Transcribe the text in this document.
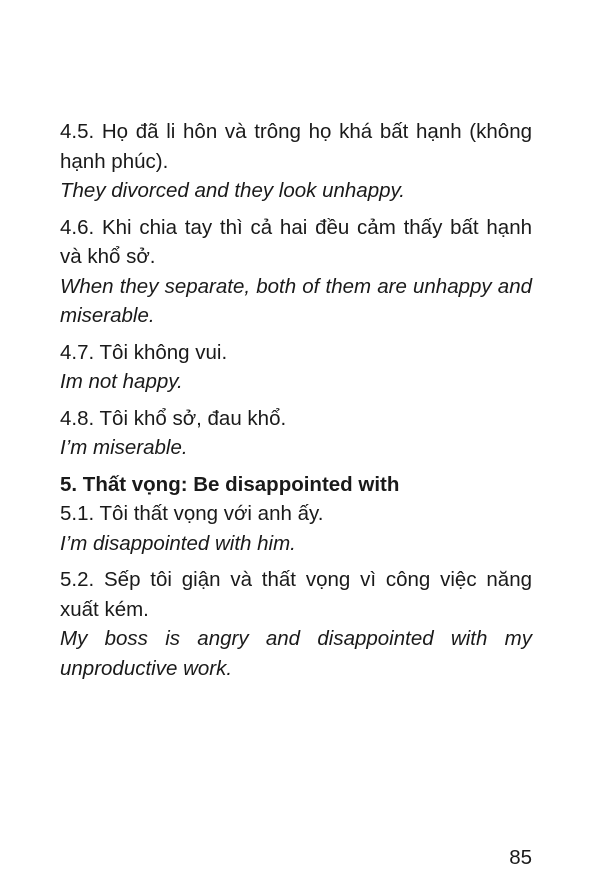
4.5. Họ đã li hôn và trông họ khá bất hạnh (không hạnh phúc).

They divorced and they look unhappy.

4.6. Khi chia tay thì cả hai đều cảm thấy bất hạnh và khổ sở.

When they separate, both of them are unhappy and miserable.

4.7. Tôi không vui.

Im not happy.

4.8. Tôi khổ sở, đau khổ.

I’m miserable.

5. Thất vọng: Be disappointed with

5.1. Tôi thất vọng với anh ấy.

I’m disappointed with him.

5.2. Sếp tôi giận và thất vọng vì công việc năng xuất kém.

My boss is angry and disappointed with my unproductive work.

85
